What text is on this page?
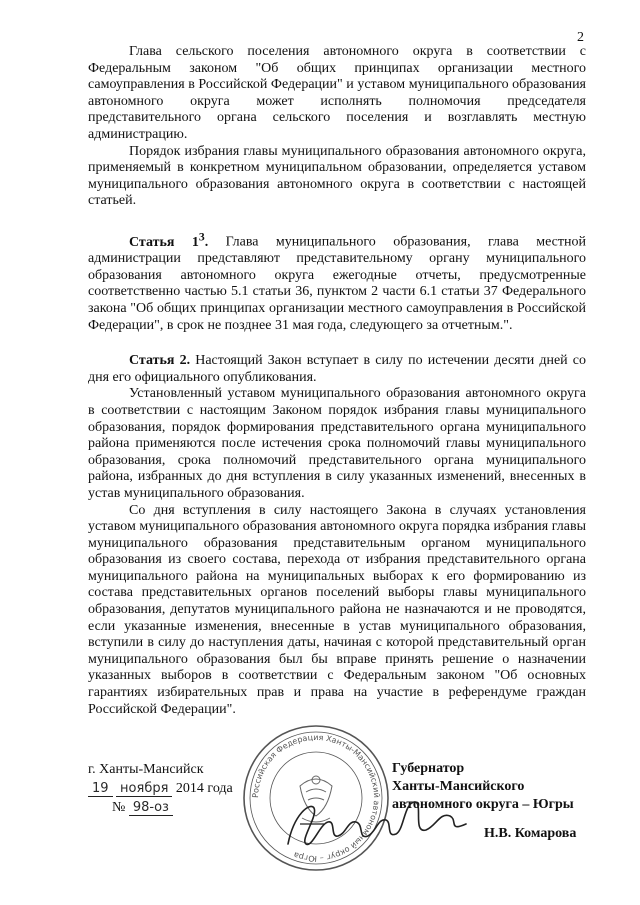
2

Глава сельского поселения автономного округа в соответствии с Федеральным законом "Об общих принципах организации местного самоуправления в Российской Федерации" и уставом муниципального образования автономного округа может исполнять полномочия председателя представительного органа сельского поселения и возглавлять местную администрацию.

Порядок избрания главы муниципального образования автономного округа, применяемый в конкретном муниципальном образовании, определяется уставом муниципального образования автономного округа в соответствии с настоящей статьей.

Статья $1^3$. Глава муниципального образования, глава местной администрации представляют представительному органу муниципального образования автономного округа ежегодные отчеты, предусмотренные соответственно частью 5.1 статьи 36, пунктом 2 части 6.1 статьи 37 Федерального закона "Об общих принципах организации местного самоуправления в Российской Федерации", в срок не позднее 31 мая года, следующего за отчетным.".

Статья 2. Настоящий Закон вступает в силу по истечении десяти дней со дня его официального опубликования.

Установленный уставом муниципального образования автономного округа в соответствии с настоящим Законом порядок избрания главы муниципального образования, порядок формирования представительного органа муниципального района применяются после истечения срока полномочий главы муниципального образования, срока полномочий представительного органа муниципального района, избранных до дня вступления в силу указанных изменений, внесенных в устав муниципального образования.

Со дня вступления в силу настоящего Закона в случаях установления уставом муниципального образования автономного округа порядка избрания главы муниципального образования представительным органом муниципального образования из своего состава, перехода от избрания представительного органа муниципального района на муниципальных выборах к его формированию из состава представительных органов поселений выборы главы муниципального образования, депутатов муниципального района не назначаются и не проводятся, если указанные изменения, внесенные в устав муниципального образования, вступили в силу до наступления даты, начиная с которой представительный орган муниципального образования был бы вправе принять решение о назначении указанных выборов в соответствии с Федеральным законом "Об основных гарантиях избирательных прав и права на участие в референдуме граждан Российской Федерации".

Российская Федерация Ханты-Мансийский автономный округ – Югра
г. Ханты-Мансийск
19 ноября 2014 года
№ 98-оз
Губернатор
Ханты-Мансийского
автономного округа – Югры
Н.В. Комарова
